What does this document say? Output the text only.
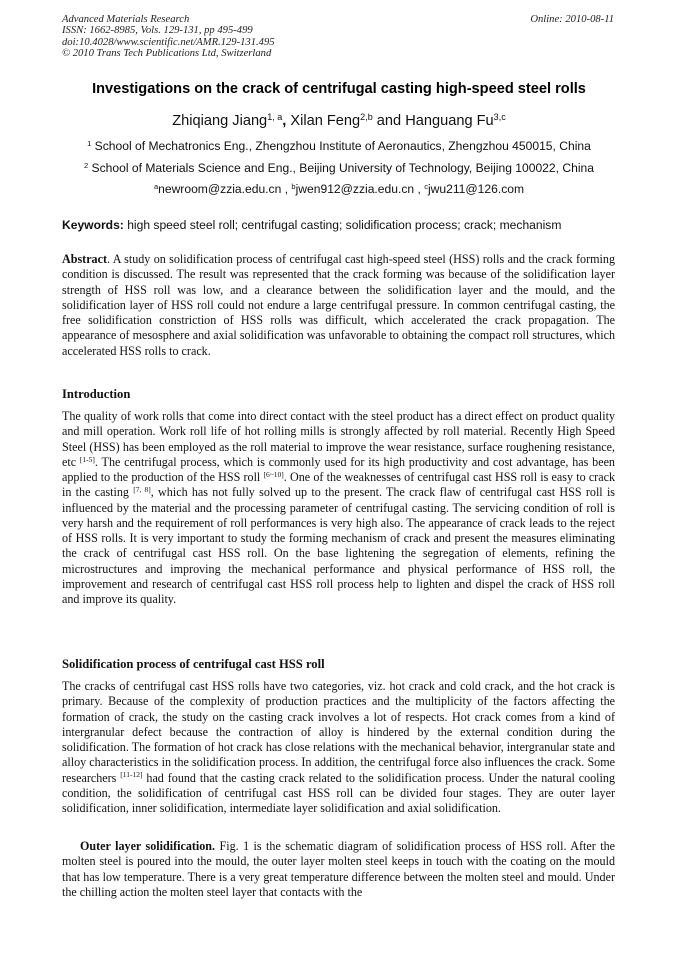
Advanced Materials Research
ISSN: 1662-8985, Vols. 129-131, pp 495-499
doi:10.4028/www.scientific.net/AMR.129-131.495
© 2010 Trans Tech Publications Ltd, Switzerland
Online: 2010-08-11
Investigations on the crack of centrifugal casting high-speed steel rolls
Zhiqiang Jiang$^{1, a}$, Xilan Feng$^{2,b}$ and Hanguang Fu$^{3,c}$
$^1$ School of Mechatronics Eng., Zhengzhou Institute of Aeronautics, Zhengzhou 450015, China
$^2$ School of Materials Science and Eng., Beijing University of Technology, Beijing 100022, China
$^a$newroom@zzia.edu.cn , $^b$jwen912@zzia.edu.cn , $^c$jwu211@126.com
Keywords: high speed steel roll; centrifugal casting; solidification process; crack; mechanism
Abstract. A study on solidification process of centrifugal cast high-speed steel (HSS) rolls and the crack forming condition is discussed. The result was represented that the crack forming was because of the solidification layer strength of HSS roll was low, and a clearance between the solidification layer and the mould, and the solidification layer of HSS roll could not endure a large centrifugal pressure. In common centrifugal casting, the free solidification constriction of HSS rolls was difficult, which accelerated the crack propagation. The appearance of mesosphere and axial solidification was unfavorable to obtaining the compact roll structures, which accelerated HSS rolls to crack.
Introduction
The quality of work rolls that come into direct contact with the steel product has a direct effect on product quality and mill operation. Work roll life of hot rolling mills is strongly affected by roll material. Recently High Speed Steel (HSS) has been employed as the roll material to improve the wear resistance, surface roughening resistance, etc [1-5]. The centrifugal process, which is commonly used for its high productivity and cost advantage, has been applied to the production of the HSS roll [6~10]. One of the weaknesses of centrifugal cast HSS roll is easy to crack in the casting [7, 8], which has not fully solved up to the present. The crack flaw of centrifugal cast HSS roll is influenced by the material and the processing parameter of centrifugal casting. The servicing condition of roll is very harsh and the requirement of roll performances is very high also. The appearance of crack leads to the reject of HSS rolls. It is very important to study the forming mechanism of crack and present the measures eliminating the crack of centrifugal cast HSS roll. On the base lightening the segregation of elements, refining the microstructures and improving the mechanical performance and physical performance of HSS roll, the improvement and research of centrifugal cast HSS roll process help to lighten and dispel the crack of HSS roll and improve its quality.
Solidification process of centrifugal cast HSS roll
The cracks of centrifugal cast HSS rolls have two categories, viz. hot crack and cold crack, and the hot crack is primary. Because of the complexity of production practices and the multiplicity of the factors affecting the formation of crack, the study on the casting crack involves a lot of respects. Hot crack comes from a kind of intergranular defect because the contraction of alloy is hindered by the external condition during the solidification. The formation of hot crack has close relations with the mechanical behavior, intergranular state and alloy characteristics in the solidification process. In addition, the centrifugal force also influences the crack. Some researchers [11-12] had found that the casting crack related to the solidification process. Under the natural cooling condition, the solidification of centrifugal cast HSS roll can be divided four stages. They are outer layer solidification, inner solidification, intermediate layer solidification and axial solidification.
Outer layer solidification. Fig. 1 is the schematic diagram of solidification process of HSS roll. After the molten steel is poured into the mould, the outer layer molten steel keeps in touch with the coating on the mould that has low temperature. There is a very great temperature difference between the molten steel and mould. Under the chilling action the molten steel layer that contacts with the
